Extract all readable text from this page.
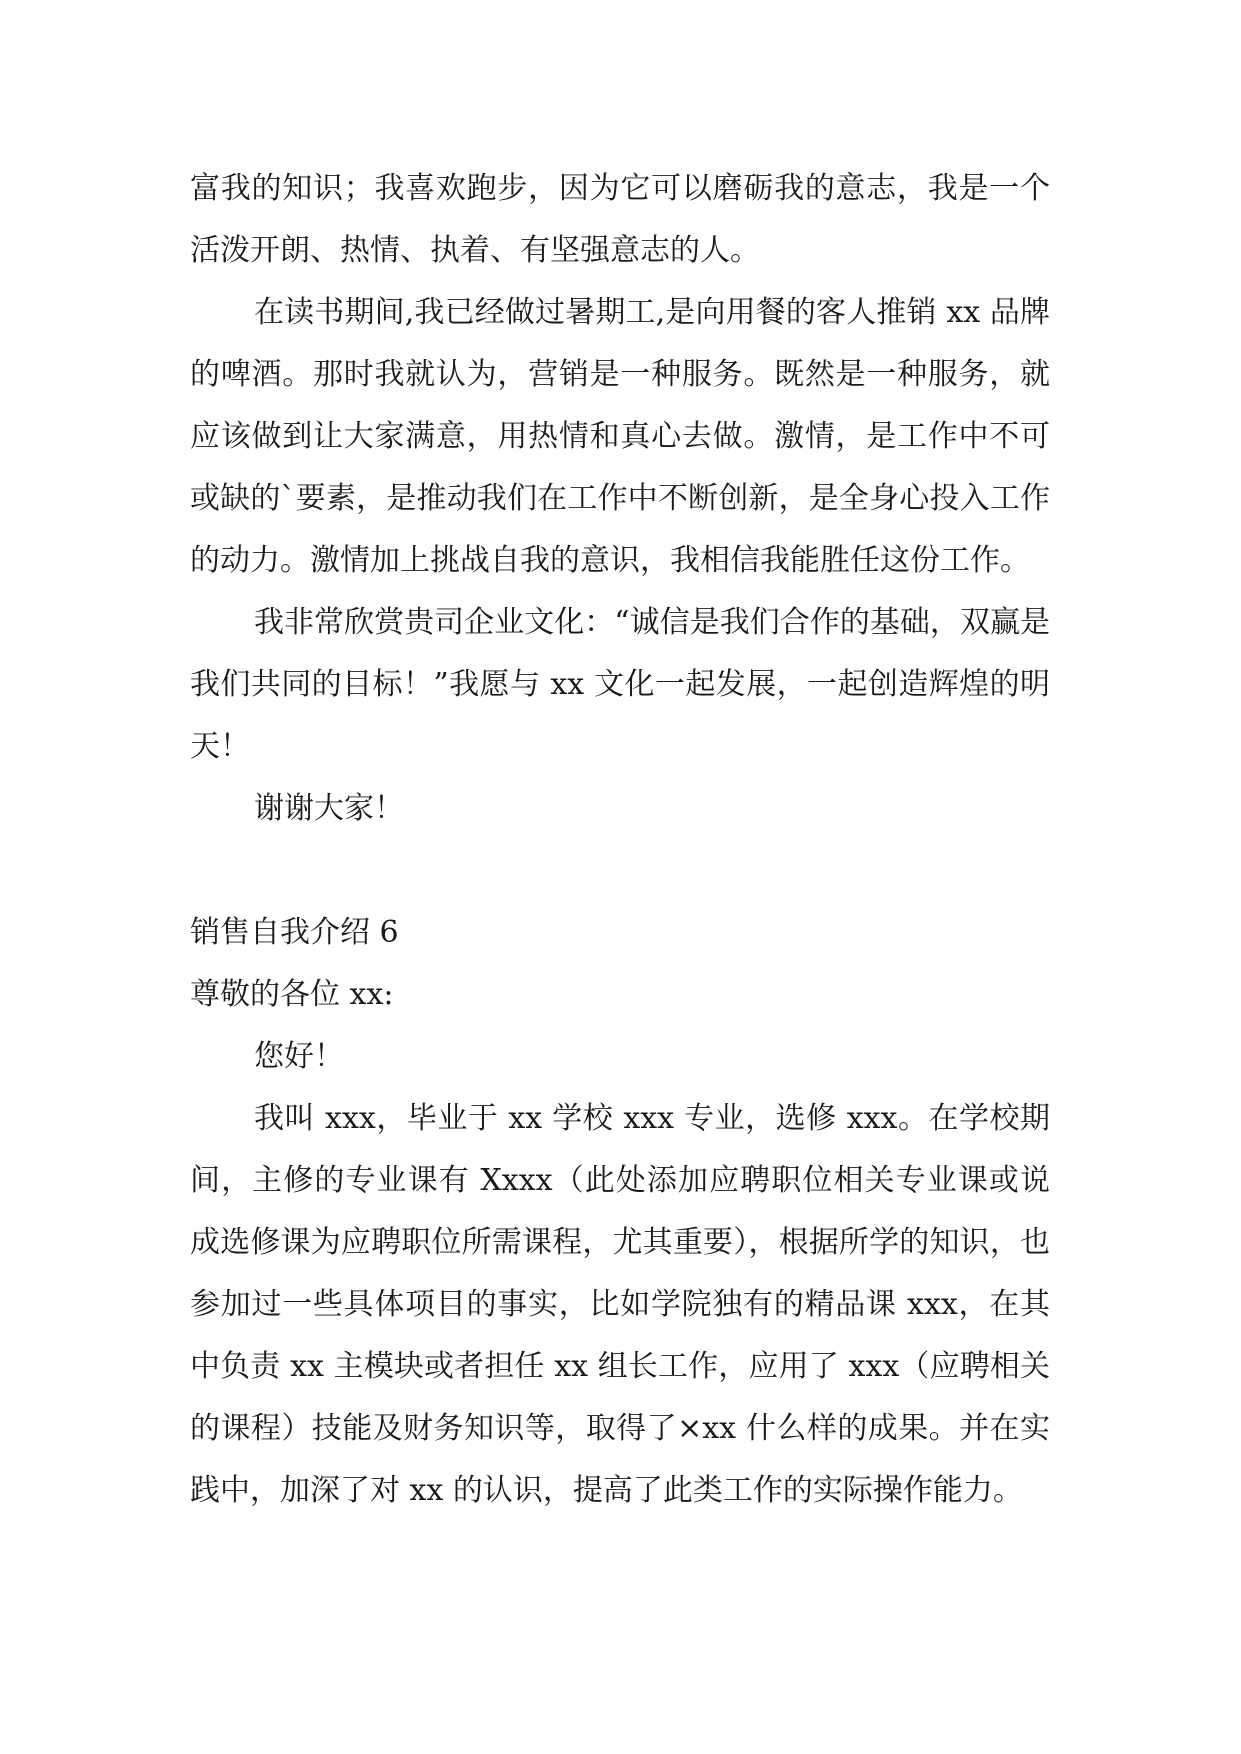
富我的知识；我喜欢跑步，因为它可以磨砺我的意志，我是一个活泼开朗、热情、执着、有坚强意志的人。

在读书期间,我已经做过暑期工,是向用餐的客人推销 xx 品牌的啤酒。那时我就认为，营销是一种服务。既然是一种服务，就应该做到让大家满意，用热情和真心去做。激情，是工作中不可或缺的`要素，是推动我们在工作中不断创新，是全身心投入工作的动力。激情加上挑战自我的意识，我相信我能胜任这份工作。

我非常欣赏贵司企业文化：“诚信是我们合作的基础，双赢是我们共同的目标！”我愿与 xx 文化一起发展，一起创造辉煌的明天！

谢谢大家！

销售自我介绍 6

尊敬的各位 xx:

您好！

我叫 xxx，毕业于 xx 学校 xxx 专业，选修 xxx。在学校期间，主修的专业课有 Xxxx（此处添加应聘职位相关专业课或说成选修课为应聘职位所需课程，尤其重要），根据所学的知识，也参加过一些具体项目的事实，比如学院独有的精品课 xxx，在其中负责 xx 主模块或者担任 xx 组长工作，应用了 xxx（应聘相关的课程）技能及财务知识等，取得了×xx 什么样的成果。并在实践中，加深了对 xx 的认识，提高了此类工作的实际操作能力。
